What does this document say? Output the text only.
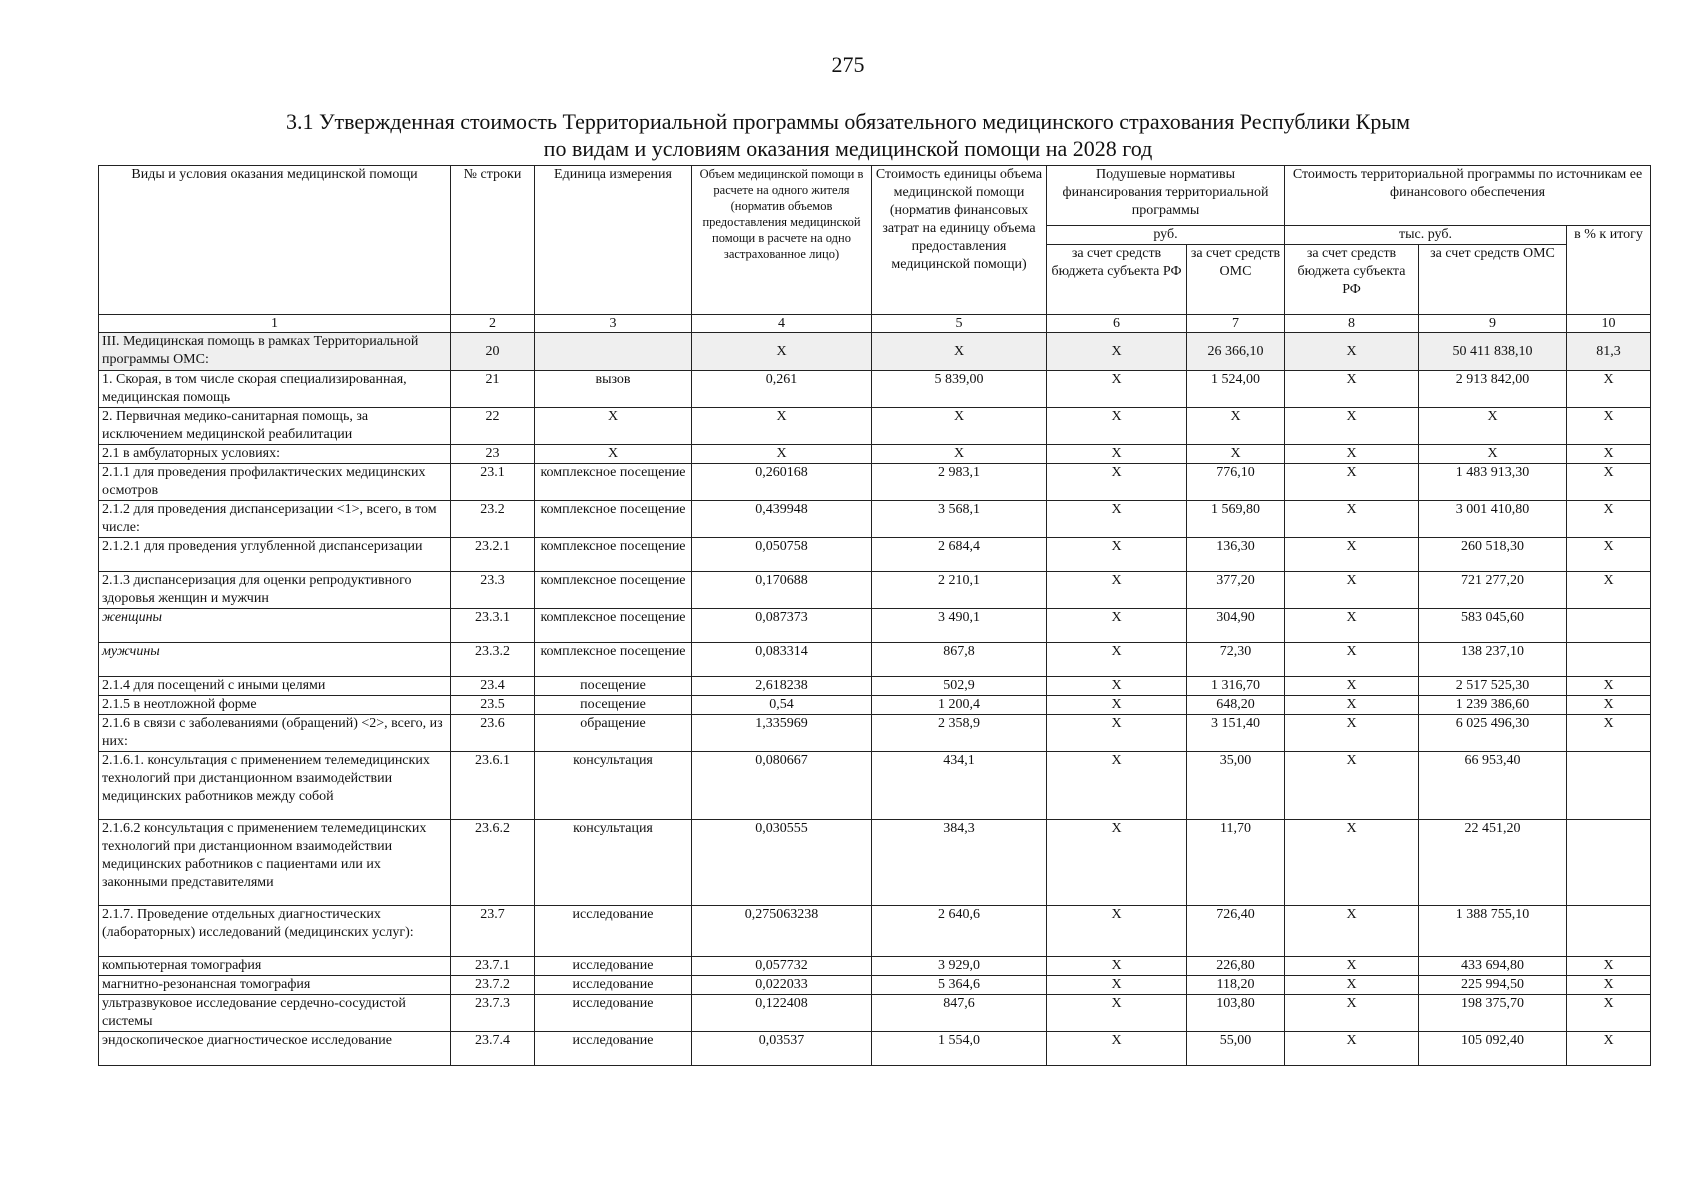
275
3.1 Утвержденная стоимость Территориальной программы обязательного медицинского страхования Республики Крым
по видам и условиям оказания медицинской помощи на 2028 год
Виды и условия оказания медицинской помощи	№ строки	Единица измерения	Объем медицинской помощи в расчете на одного жителя (норматив объемов предоставления медицинской помощи в расчете на одно застрахованное лицо)	Стоимость единицы объема медицинской помощи (норматив финансовых затрат на единицу объема предоставления медицинской помощи)	Подушевые нормативы финансирования территориальной программы		Стоимость территориальной программы по источникам ее финансового обеспечения		
					руб.		тыс. руб.		в % к итогу
					за счет средств бюджета субъекта РФ	за счет средств ОМС	за счет средств бюджета субъекта РФ	за счет средств ОМС	
1	2	3	4	5	6	7	8	9	10
III. Медицинская помощь в рамках Территориальной программы ОМС:	20		X	X	X	26 366,10	X	50 411 838,10	81,3
1. Скорая, в том числе скорая специализированная, медицинская помощь	21	вызов	0,261	5 839,00	X	1 524,00	X	2 913 842,00	X
2. Первичная медико-санитарная помощь, за исключением медицинской реабилитации	22	X	X	X	X	X	X	X	X
2.1 в амбулаторных условиях:	23	X	X	X	X	X	X	X	X
2.1.1 для проведения профилактических медицинских осмотров	23.1	комплексное посещение	0,260168	2 983,1	X	776,10	X	1 483 913,30	X
2.1.2 для проведения диспансеризации <1>, всего, в том числе:	23.2	комплексное посещение	0,439948	3 568,1	X	1 569,80	X	3 001 410,80	X
2.1.2.1 для проведения углубленной диспансеризации	23.2.1	комплексное посещение	0,050758	2 684,4	X	136,30	X	260 518,30	X
2.1.3 диспансеризация для оценки репродуктивного здоровья женщин и мужчин	23.3	комплексное посещение	0,170688	2 210,1	X	377,20	X	721 277,20	X
женщины	23.3.1	комплексное посещение	0,087373	3 490,1	X	304,90	X	583 045,60	
мужчины	23.3.2	комплексное посещение	0,083314	867,8	X	72,30	X	138 237,10	
2.1.4 для посещений с иными целями	23.4	посещение	2,618238	502,9	X	1 316,70	X	2 517 525,30	X
2.1.5 в неотложной форме	23.5	посещение	0,54	1 200,4	X	648,20	X	1 239 386,60	X
2.1.6 в связи с заболеваниями (обращений) <2>, всего, из них:	23.6	обращение	1,335969	2 358,9	X	3 151,40	X	6 025 496,30	X
2.1.6.1. консультация с применением телемедицинских технологий при дистанционном взаимодействии медицинских работников между собой	23.6.1	консультация	0,080667	434,1	X	35,00	X	66 953,40	
2.1.6.2 консультация с применением телемедицинских технологий при дистанционном взаимодействии медицинских работников с пациентами или их законными представителями	23.6.2	консультация	0,030555	384,3	X	11,70	X	22 451,20	
2.1.7. Проведение отдельных диагностических (лабораторных) исследований (медицинских услуг):	23.7	исследование	0,275063238	2 640,6	X	726,40	X	1 388 755,10	
компьютерная томография	23.7.1	исследование	0,057732	3 929,0	X	226,80	X	433 694,80	X
магнитно-резонансная томография	23.7.2	исследование	0,022033	5 364,6	X	118,20	X	225 994,50	X
ультразвуковое исследование сердечно-сосудистой системы	23.7.3	исследование	0,122408	847,6	X	103,80	X	198 375,70	X
эндоскопическое диагностическое исследование	23.7.4	исследование	0,03537	1 554,0	X	55,00	X	105 092,40	X
